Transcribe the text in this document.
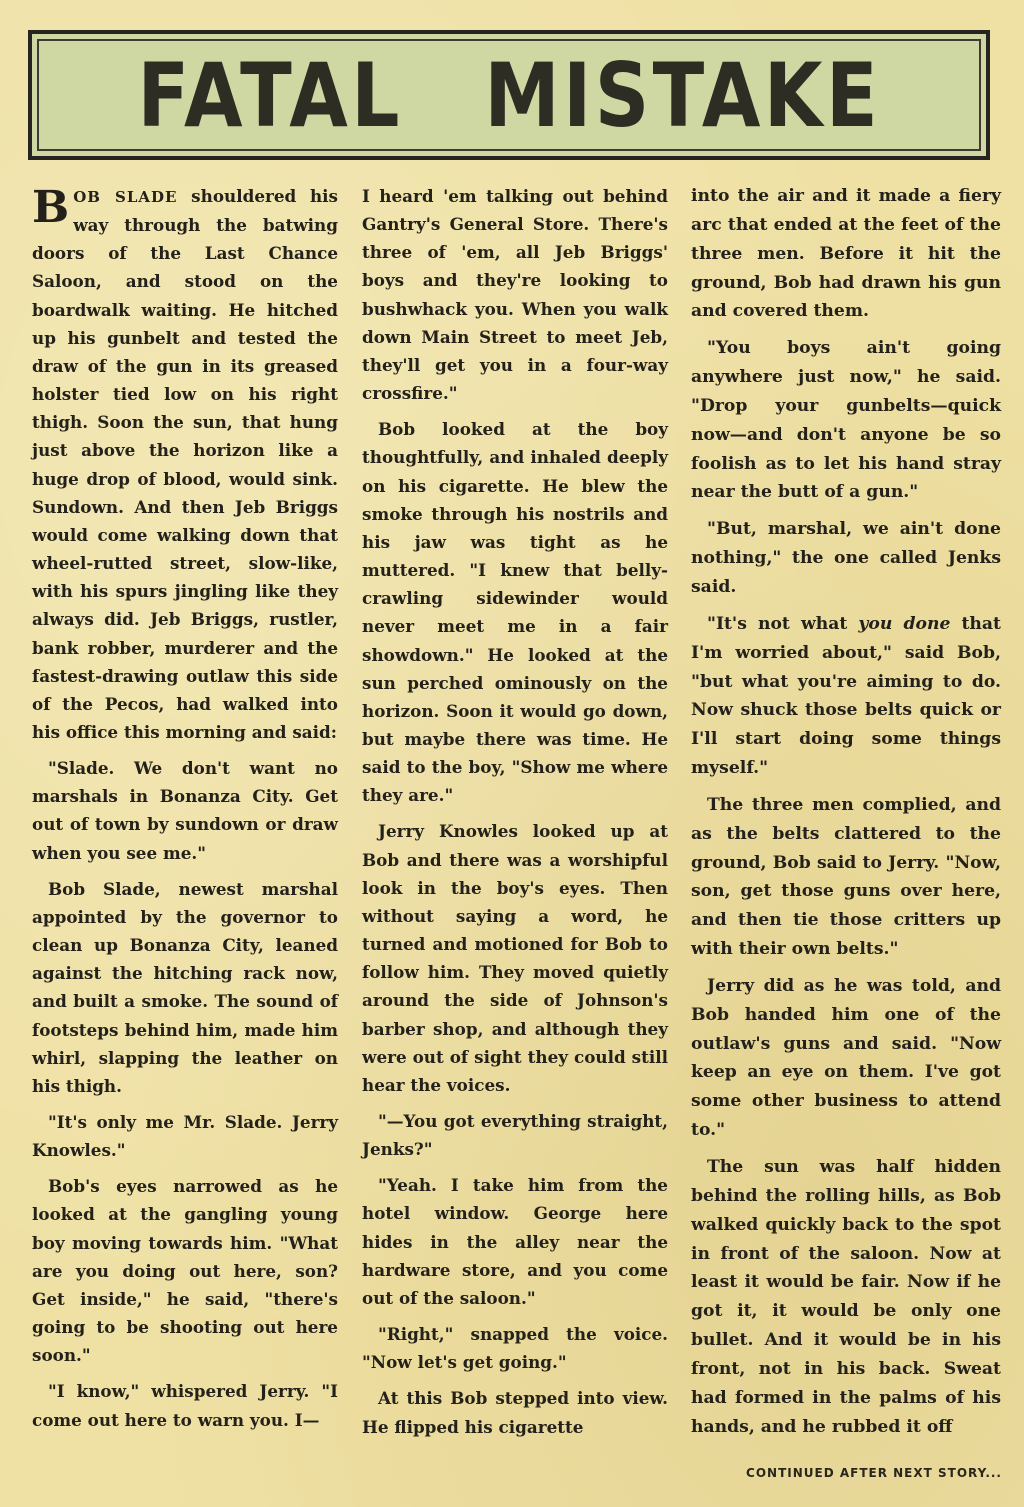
FATAL MISTAKE

BOB SLADE shouldered his way through the batwing doors of the Last Chance Saloon, and stood on the boardwalk waiting. He hitched up his gunbelt and tested the draw of the gun in its greased holster tied low on his right thigh. Soon the sun, that hung just above the horizon like a huge drop of blood, would sink. Sundown. And then Jeb Briggs would come walking down that wheel-rutted street, slow-like, with his spurs jingling like they always did. Jeb Briggs, rustler, bank robber, murderer and the fastest-drawing outlaw this side of the Pecos, had walked into his office this morning and said:

"Slade. We don't want no marshals in Bonanza City. Get out of town by sundown or draw when you see me."

Bob Slade, newest marshal appointed by the governor to clean up Bonanza City, leaned against the hitching rack now, and built a smoke. The sound of footsteps behind him, made him whirl, slapping the leather on his thigh.

"It's only me Mr. Slade. Jerry Knowles."

Bob's eyes narrowed as he looked at the gangling young boy moving towards him. "What are you doing out here, son? Get inside," he said, "there's going to be shooting out here soon."

"I know," whispered Jerry. "I come out here to warn you. I—

I heard 'em talking out behind Gantry's General Store. There's three of 'em, all Jeb Briggs' boys and they're looking to bushwhack you. When you walk down Main Street to meet Jeb, they'll get you in a four-way crossfire."

Bob looked at the boy thoughtfully, and inhaled deeply on his cigarette. He blew the smoke through his nostrils and his jaw was tight as he muttered. "I knew that belly-crawling sidewinder would never meet me in a fair showdown." He looked at the sun perched ominously on the horizon. Soon it would go down, but maybe there was time. He said to the boy, "Show me where they are."

Jerry Knowles looked up at Bob and there was a worshipful look in the boy's eyes. Then without saying a word, he turned and motioned for Bob to follow him. They moved quietly around the side of Johnson's barber shop, and although they were out of sight they could still hear the voices.

"—You got everything straight, Jenks?"

"Yeah. I take him from the hotel window. George here hides in the alley near the hardware store, and you come out of the saloon."

"Right," snapped the voice. "Now let's get going."

At this Bob stepped into view. He flipped his cigarette

into the air and it made a fiery arc that ended at the feet of the three men. Before it hit the ground, Bob had drawn his gun and covered them.

"You boys ain't going anywhere just now," he said. "Drop your gunbelts—quick now—and don't anyone be so foolish as to let his hand stray near the butt of a gun."

"But, marshal, we ain't done nothing," the one called Jenks said.

"It's not what you done that I'm worried about," said Bob, "but what you're aiming to do. Now shuck those belts quick or I'll start doing some things myself."

The three men complied, and as the belts clattered to the ground, Bob said to Jerry. "Now, son, get those guns over here, and then tie those critters up with their own belts."

Jerry did as he was told, and Bob handed him one of the outlaw's guns and said. "Now keep an eye on them. I've got some other business to attend to."

The sun was half hidden behind the rolling hills, as Bob walked quickly back to the spot in front of the saloon. Now at least it would be fair. Now if he got it, it would be only one bullet. And it would be in his front, not in his back. Sweat had formed in the palms of his hands, and he rubbed it off

CONTINUED AFTER NEXT STORY...
